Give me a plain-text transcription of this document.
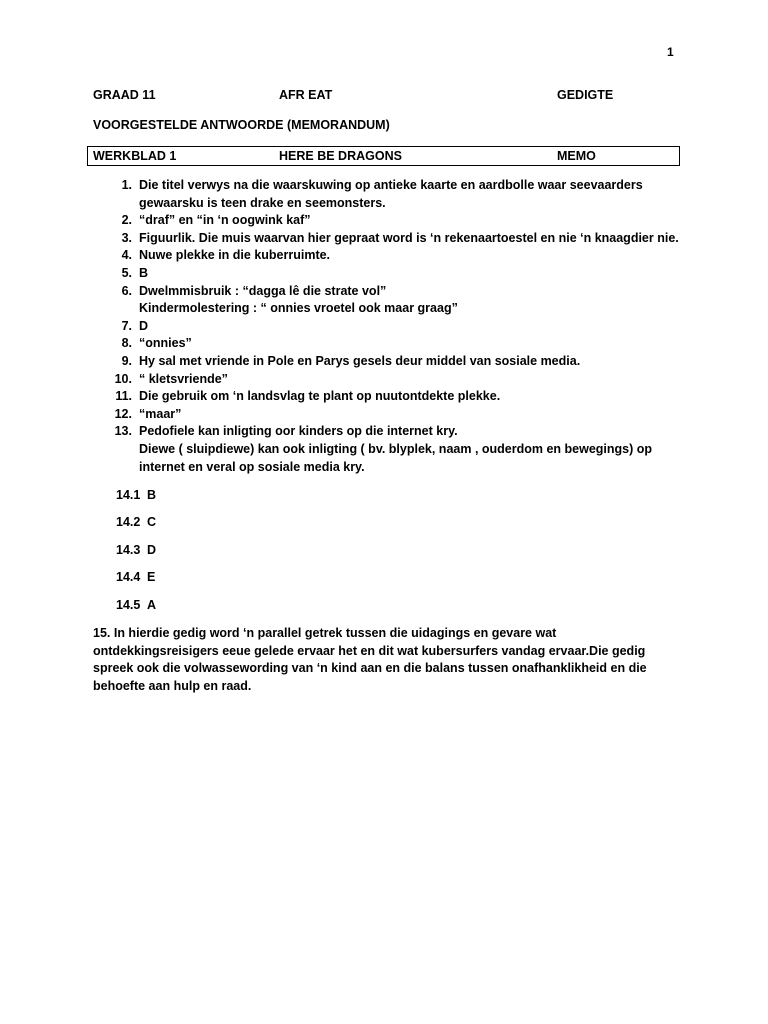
1
GRAAD 11	AFR EAT	GEDIGTE
VOORGESTELDE ANTWOORDE (MEMORANDUM)
WERKBLAD 1	HERE BE DRAGONS	MEMO
1. Die titel verwys na die waarskuwing op antieke kaarte en aardbolle waar seevaarders gewaarsku is teen drake en seemonsters.
2. “draf” en “in ‘n oogwink kaf”
3. Figuurlik. Die muis waarvan hier gepraat word is ‘n rekenaartoestel en nie ‘n knaagdier nie.
4. Nuwe plekke in die kuberruimte.
5. B
6. Dwelmmisbruik : “dagga lê die strate vol”
Kindermolestering : “ onnies vroetel ook maar graag”
7. D
8. “onnies”
9. Hy sal met vriende in Pole en Parys gesels deur middel van sosiale media.
10. “ kletsvriende”
11. Die gebruik om ‘n landsvlag te plant op nuutontdekte plekke.
12. “maar”
13. Pedofiele kan inligting oor kinders op die internet kry.
Diewe ( sluipdiewe) kan ook inligting ( bv. blyplek, naam , ouderdom en bewegings) op internet en veral op sosiale media kry.
14.1 B
14.2 C
14.3 D
14.4 E
14.5 A
15. In hierdie gedig word ‘n parallel getrek tussen die uidagings en gevare wat ontdekkingsreisigers eeue gelede ervaar het en dit wat kubersurfers vandag ervaar.Die gedig spreek ook die volwassewording van ‘n kind aan en die balans tussen onafhanklikheid en die behoefte aan hulp en raad.
